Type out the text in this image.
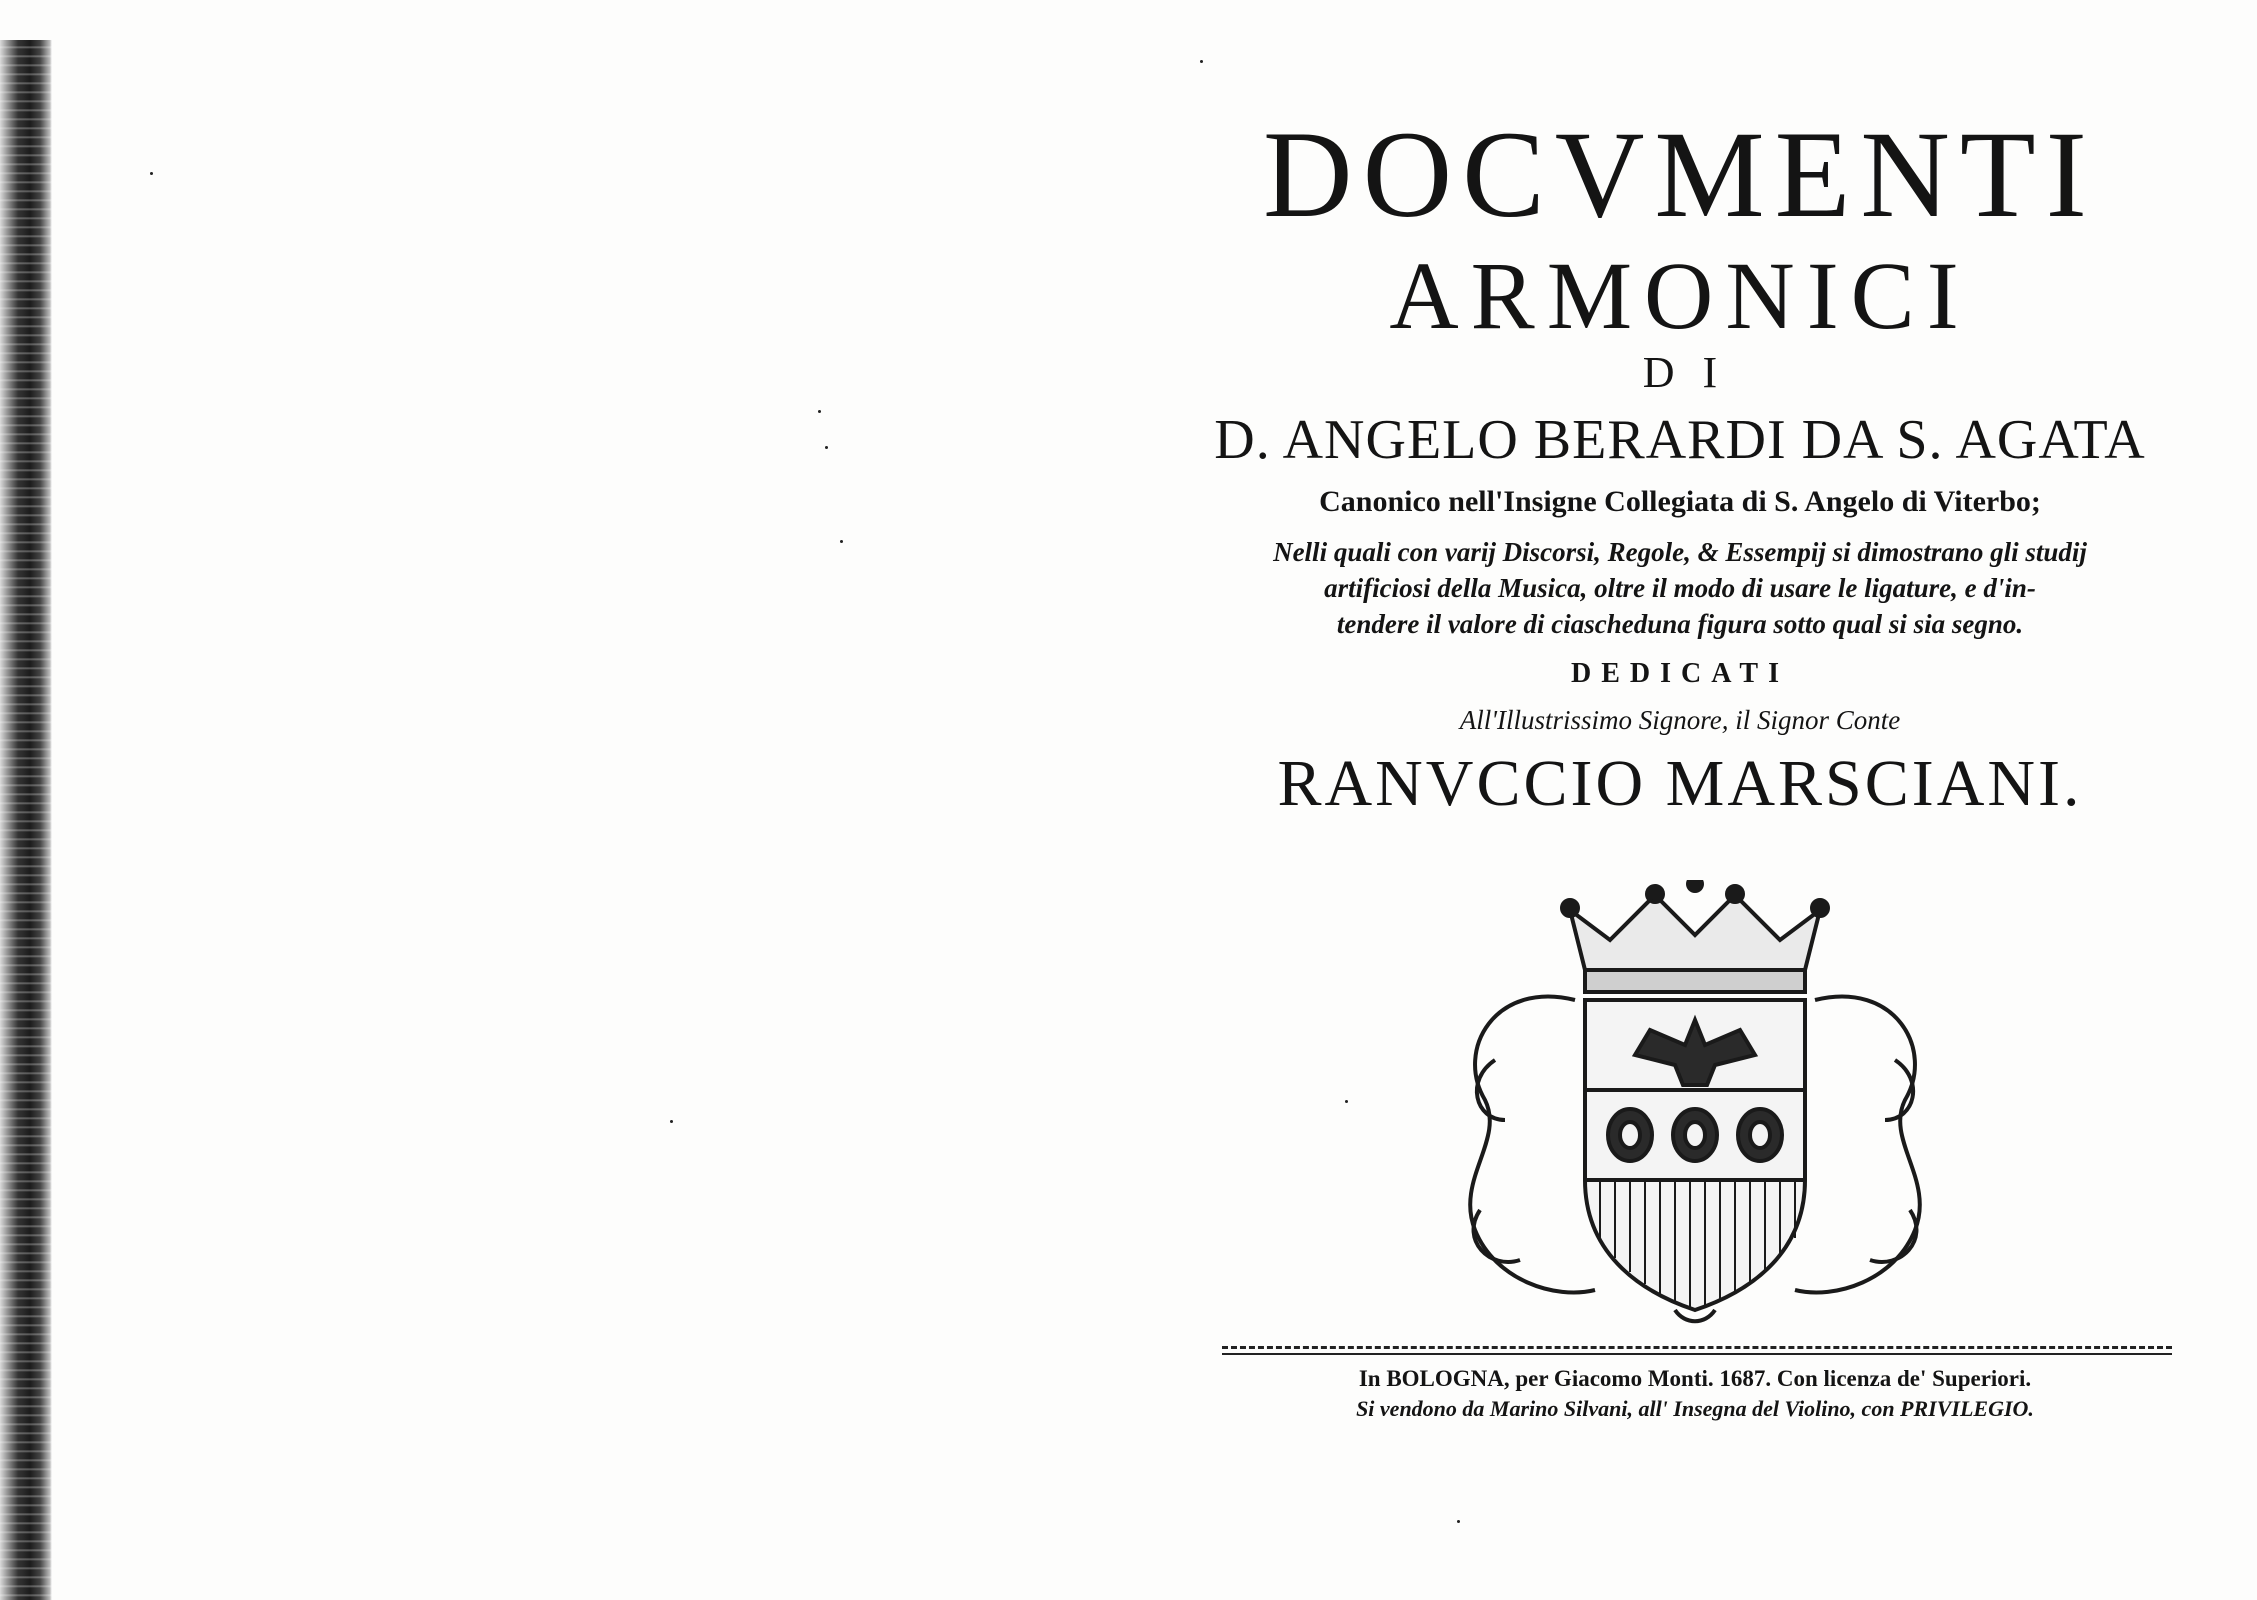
DOCVMENTI
ARMONICI
DI
D. ANGELO BERARDI DA S. AGATA
Canonico nell'Insigne Collegiata di S. Angelo di Viterbo;
Nelli quali con varij Discorsi, Regole, & Essempij si dimostrano gli studij
artificiosi della Musica, oltre il modo di usare le ligature, e d'in-
tendere il valore di ciascheduna figura sotto qual si sia segno.
DEDICATI
All'Illustrissimo Signore, il Signor Conte
RANVCCIO MARSCIANI.
In BOLOGNA, per Giacomo Monti. 1687. Con licenza de' Superiori.
Si vendono da Marino Silvani, all' Insegna del Violino, con PRIVILEGIO.
